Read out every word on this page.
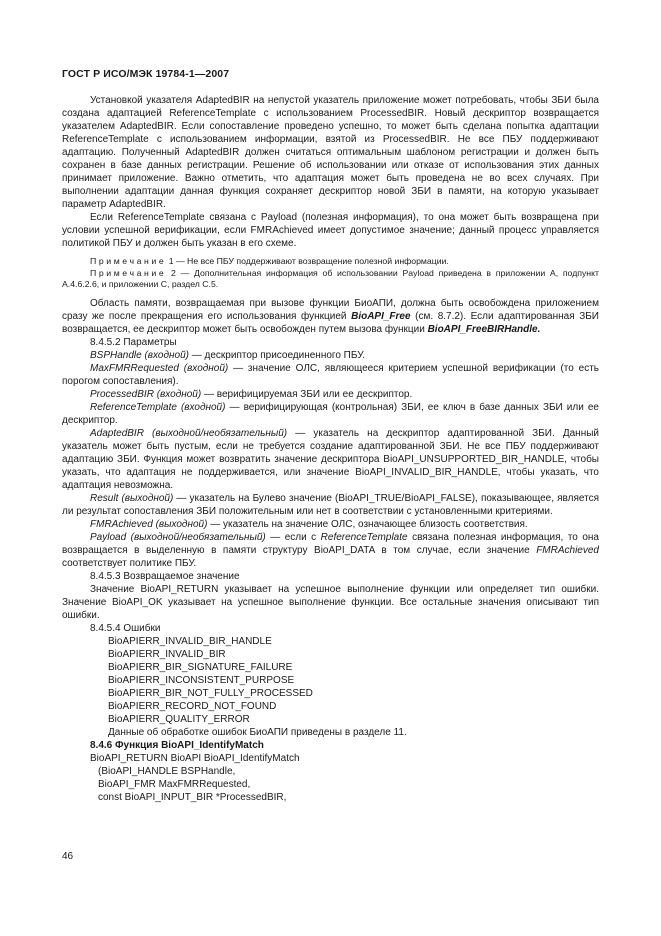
ГОСТ Р ИСО/МЭК 19784-1—2007

Установкой указателя AdaptedBIR на непустой указатель приложение может потребовать, чтобы ЗБИ была создана адаптацией ReferenceTemplate с использованием ProcessedBIR. Новый дескриптор возвращается указателем AdaptedBIR. Если сопоставление проведено успешно, то может быть сделана попытка адаптации ReferenceTemplate с использованием информации, взятой из ProcessedBIR. Не все ПБУ поддерживают адаптацию. Полученный AdaptedBIR должен считаться оптимальным шаблоном регистрации и должен быть сохранен в базе данных регистрации. Решение об использовании или отказе от использования этих данных принимает приложение. Важно отметить, что адаптация может быть проведена не во всех случаях. При выполнении адаптации данная функция сохраняет дескриптор новой ЗБИ в памяти, на которую указывает параметр AdaptedBIR.

Если ReferenceTemplate связана с Payload (полезная информация), то она может быть возвращена при условии успешной верификации, если FMRAchieved имеет допустимое значение; данный процесс управляется политикой ПБУ и должен быть указан в его схеме.

Примечание 1 — Не все ПБУ поддерживают возвращение полезной информации.

Примечание 2 — Дополнительная информация об использовании Payload приведена в приложении А, подпункт А.4.6.2.6, и приложении С, раздел С.5.

Область памяти, возвращаемая при вызове функции БиоАПИ, должна быть освобождена приложением сразу же после прекращения его использования функцией BioAPI_Free (см. 8.7.2). Если адаптированная ЗБИ возвращается, ее дескриптор может быть освобожден путем вызова функции BioAPI_FreeBIRHandle.

8.4.5.2 Параметры

BSPHandle (входной) — дескриптор присоединенного ПБУ.

MaxFMRRequested (входной) — значение ОЛС, являющееся критерием успешной верификации (то есть порогом сопоставления).

ProcessedBIR (входной) — верифицируемая ЗБИ или ее дескриптор.

ReferenceTemplate (входной) — верифицирующая (контрольная) ЗБИ, ее ключ в базе данных ЗБИ или ее дескриптор.

AdaptedBIR (выходной/необязательный) — указатель на дескриптор адаптированной ЗБИ. Данный указатель может быть пустым, если не требуется создание адаптированной ЗБИ. Не все ПБУ поддерживают адаптацию ЗБИ. Функция может возвратить значение дескриптора BioAPI_UNSUPPORTED_BIR_HANDLE, чтобы указать, что адаптация не поддерживается, или значение BioAPI_INVALID_BIR_HANDLE, чтобы указать, что адаптация невозможна.

Result (выходной) — указатель на Булево значение (BioAPI_TRUE/BioAPI_FALSE), показывающее, является ли результат сопоставления ЗБИ положительным или нет в соответствии с установленными критериями.

FMRAchieved (выходной) — указатель на значение ОЛС, означающее близость соответствия.

Payload (выходной/необязательный) — если с ReferenceTemplate связана полезная информация, то она возвращается в выделенную в памяти структуру BioAPI_DATA в том случае, если значение FMRAchieved соответствует политике ПБУ.

8.4.5.3 Возвращаемое значение

Значение BioAPI_RETURN указывает на успешное выполнение функции или определяет тип ошибки. Значение BioAPI_OK указывает на успешное выполнение функции. Все остальные значения описывают тип ошибки.

8.4.5.4 Ошибки

BioAPIERR_INVALID_BIR_HANDLE

BioAPIERR_INVALID_BIR

BioAPIERR_BIR_SIGNATURE_FAILURE

BioAPIERR_INCONSISTENT_PURPOSE

BioAPIERR_BIR_NOT_FULLY_PROCESSED

BioAPIERR_RECORD_NOT_FOUND

BioAPIERR_QUALITY_ERROR

Данные об обработке ошибок БиоАПИ приведены в разделе 11.

8.4.6 Функция BioAPI_IdentifyMatch

BioAPI_RETURN BioAPI BioAPI_IdentifyMatch

(BioAPI_HANDLE BSPHandle,

BioAPI_FMR MaxFMRRequested,

const BioAPI_INPUT_BIR *ProcessedBIR,

46
